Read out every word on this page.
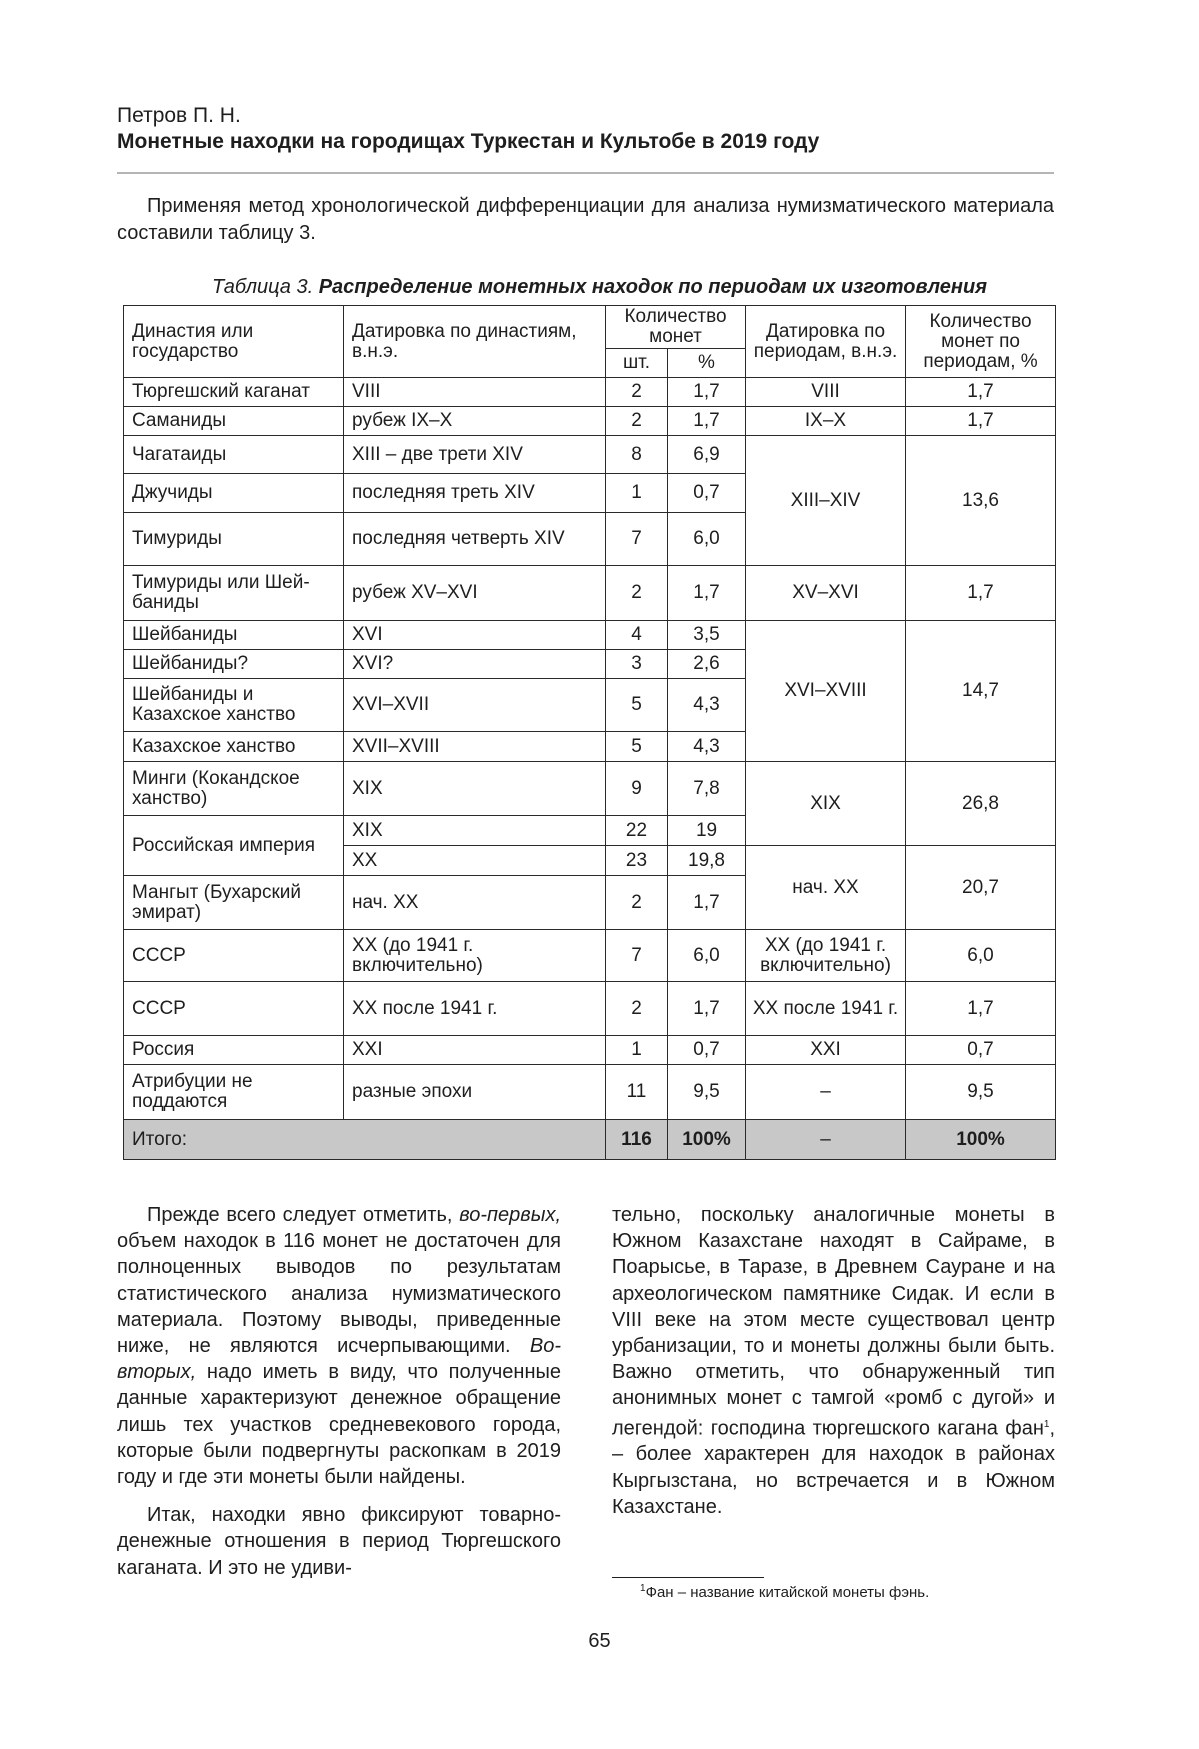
Петров П. Н.
Монетные находки на городищах Туркестан и Культобе в 2019 году

Применяя метод хронологической дифференциации для анализа нумизматического материала составили таблицу 3.

Таблица 3. Распределение монетных находок по периодам их изготовления
Династия или государство	Датировка по династиям, в.н.э.	Количество монет		Датировка по периодам, в.н.э.	Количество монет по периодам, %
		шт.	%		
Тюргешский каганат	VIII	2	1,7	VIII	1,7
Саманиды	рубеж IX–X	2	1,7	IX–X	1,7
Чагатаиды	XIII – две трети XIV	8	6,9	XIII–XIV	13,6
Джучиды	последняя треть XIV	1	0,7		
Тимуриды	последняя четверть XIV	7	6,0		
Тимуриды или Шей-баниды	рубеж XV–XVI	2	1,7	XV–XVI	1,7
Шейбаниды	XVI	4	3,5	XVI–XVIII	14,7
Шейбаниды?	XVI?	3	2,6		
Шейбаниды и Казахское ханство	XVI–XVII	5	4,3		
Казахское ханство	XVII–XVIII	5	4,3		
Минги (Кокандское ханство)	XIX	9	7,8	XIX	26,8
Российская империя	XIX	22	19		
	XX	23	19,8	нач. XX	20,7
Мангыт (Бухарский эмират)	нач. XX	2	1,7		
СССР	XX (до 1941 г. включительно)	7	6,0	XX (до 1941 г. включительно)	6,0
СССР	XX после 1941 г.	2	1,7	XX после 1941 г.	1,7
Россия	XXI	1	0,7	XXI	0,7
Атрибуции не поддаются	разные эпохи	11	9,5	–	9,5
Итого:		116	100%	–	100%

Прежде всего следует отметить, во-первых, объем находок в 116 монет не достаточен для полноценных выводов по результатам статистического анализа нумизматического материала. Поэтому выводы, приведенные ниже, не являются исчерпывающими. Во-вторых, надо иметь в виду, что полученные данные характеризуют денежное обращение лишь тех участков средневекового города, которые были подвергнуты раскопкам в 2019 году и где эти монеты были найдены.

Итак, находки явно фиксируют товарно-денежные отношения в период Тюргешского каганата. И это не удиви-

тельно, поскольку аналогичные монеты в Южном Казахстане находят в Сайраме, в Поарысье, в Таразе, в Древнем Сауране и на археологическом памятнике Сидак. И если в VIII веке на этом месте существовал центр урбанизации, то и монеты должны были быть. Важно отметить, что обнаруженный тип анонимных монет с тамгой «ромб с дугой» и легендой: господина тюргешского кагана фан$^1$, – более характерен для находок в районах Кыргызстана, но встречается и в Южном Казахстане.

$^1$Фан – название китайской монеты фэнь.
65
